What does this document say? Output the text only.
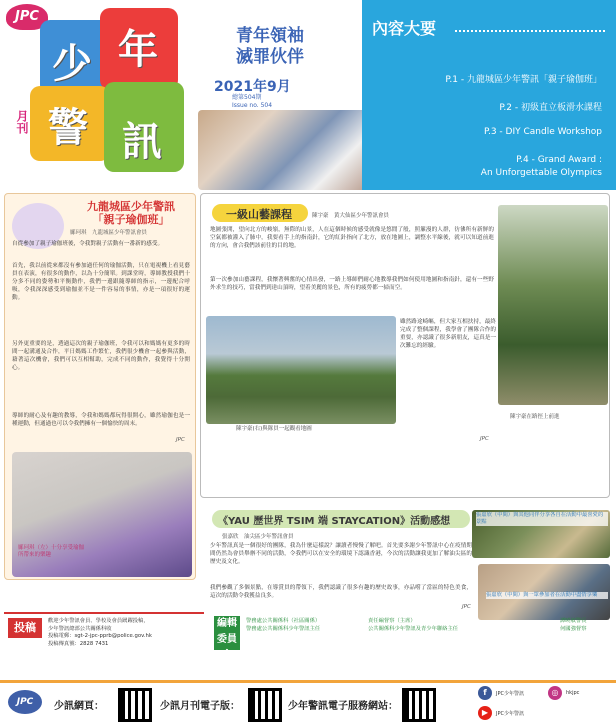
JPC
少 年
警 訊
月刊
青年領袖
滅罪伙伴
2021年9月
總第504期
Issue no. 504
內容大要
P.1 - 九龍城區少年警訊「親子瑜伽班」
P.2 - 初級直立板滑水課程
P.3 - DIY Candle Workshop
P.4 - Grand Award :
An Unforgettable Olympics
九龍城區少年警訊
「親子瑜伽班」
鄺珂琪　九龍城區少年警訊會員
自從參加了親子瑜伽班後，令我對親子活動有一番新的感受。
首先，我以前從來都沒有參加過任何的瑜伽活動，只在電視機上看見藝員在表演，有很多的動作，以為十分簡單。到課堂時，導師教授我們十分多不同的姿勢和平衡動作，我們一邊跟隨導師的指示，一邊配合呼吸，令我深深感受到瑜伽並不是一件容易的事情，亦是一項很好的運動。
另外更重要的是，透過這次的親子瑜伽班，令我可以和媽媽有更多的時間一起溝通及合作，平日媽媽工作繁忙，我們很少機會一起參與活動，藉著這次機會，我們可以互相幫助，完成不同的動作，我覺得十分開心。
導師的耐心及有趣的教導，令我和媽媽都玩得很開心，雖然瑜伽也是一種運動，但通過也可以令我們擁有一個愉快的周末。
JPC
鄺珂琪（左）十分享受瑜伽所帶來的樂趣
一級山藝課程	陳宇豪　黃大仙區少年警訊會員
地圖張開，望向北方的峻嶺，無際的山景，人在這個時候的感受就像是悠閒了般，照簾漫的人群，彷彿所有新鮮的空氣都被灌入了肺中，我要看手上的指南針，它的紅針指向了北方，放在地圖上，調整水平線後，就可以知道前進的方向，會合我們該前往的目的地。
第一次參加山藝課程，我懷著興奮的心情出發，一路上導師們耐心地教導我們如何使用地圖和指南針，還有一些野外求生的技巧，當我們到達山頂時，望着美麗的景色，所有的疲勞都一掃而空。
雖然路途崎嶇，但大家互相扶持，最終完成了整個課程，我學會了團隊合作的重要，亦認識了很多新朋友，這真是一次難忘的經驗。
JPC
陳宇豪(右)與隊員一起觀看地圖
陳宇豪在路徑上前進
《YAU 歷世界 TSIM 端 STAYCATION》活動感想
張嘉欣　油尖區少年警訊會員
少年警訊真是一個很好的團隊，我為什麼這樣說？讓讀者慢慢了解吧。首先要多謝少年警訊中心在疫情期間仍然為會員舉辦不同的活動，令我們可以在安全的環境下認識香港，今次的活動讓我更加了解油尖區的歷史及文化。
我們參觀了多個景點，在導賞員的帶領下，我們認識了很多有趣的歷史故事，亦品嚐了當區的特色美食，這次的活動令我獲益良多。
JPC
張嘉欣（中間）與其他同伴分享各自在活動中最喜愛的景點
張嘉欣（中間）與一眾參加者在活動中盡情享樂
投稿	歡迎少年警訊會員、學校及會員踴躍投稿，
少年警訊總部公共關係科收
投稿電郵：sgt-2-jpc-pprb@police.gov.hk
投稿傳真號：2828 7431
編輯委員會
警務處公共關係科（社區關係）
警務處公共關係科少年警訊主任
責任編督察（主席）
公共關係科少年警訊及青少年聯絡主任
譚曉敏警長
何國強督察
JPC	少訊網頁：	少訊月刊電子版：	少年警訊電子服務網站：
f	JPC少年警訊	◎	hkjpc
▶	JPC少年警訊
